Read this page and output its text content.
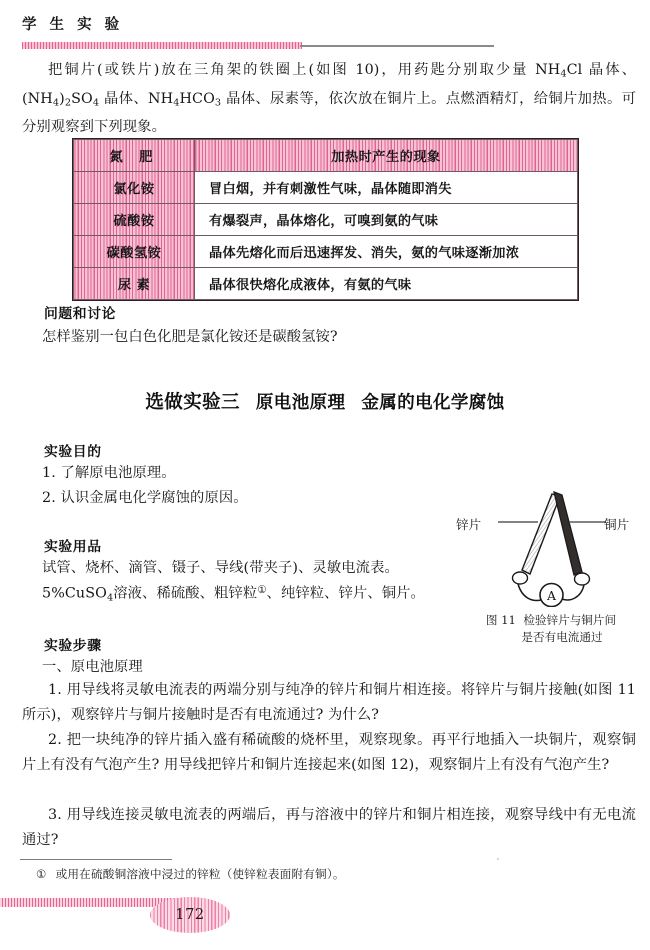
学 生 实 验
把铜片(或铁片)放在三角架的铁圈上(如图 10)，用药匙分别取少量 $NH_4Cl$ 晶体、$(NH_4)_2SO_4$ 晶体、$NH_4HCO_3$ 晶体、尿素等，依次放在铜片上。点燃酒精灯，给铜片加热。可分别观察到下列现象。
氮 肥	加热时产生的现象
氯化铵	冒白烟，并有刺激性气味，晶体随即消失
硫酸铵	有爆裂声，晶体熔化，可嗅到氨的气味
碳酸氢铵	晶体先熔化而后迅速挥发、消失，氨的气味逐渐加浓
尿 素	晶体很快熔化成液体，有氨的气味
问题和讨论
怎样鉴别一包白色化肥是氯化铵还是碳酸氢铵?
选做实验三 原电池原理 金属的电化学腐蚀
实验目的
1. 了解原电池原理。
2. 认识金属电化学腐蚀的原因。
实验用品
试管、烧杯、滴管、镊子、导线(带夹子)、灵敏电流表。
5%CuSO$_4$溶液、稀硫酸、粗锌粒①、纯锌粒、锌片、铜片。	A
锌片	铜片
图 11 检验锌片与铜片间
是否有电流通过
实验步骤
一、原电池原理
1. 用导线将灵敏电流表的两端分别与纯净的锌片和铜片相连接。将锌片与铜片接触(如图 11 所示)，观察锌片与铜片接触时是否有电流通过? 为什么?
2. 把一块纯净的锌片插入盛有稀硫酸的烧杯里，观察现象。再平行地插入一块铜片，观察铜片上有没有气泡产生? 用导线把锌片和铜片连接起来(如图 12)，观察铜片上有没有气泡产生?
3. 用导线连接灵敏电流表的两端后，再与溶液中的锌片和铜片相连接，观察导线中有无电流通过?
① 或用在硫酸铜溶液中浸过的锌粒（使锌粒表面附有铜）。
172
